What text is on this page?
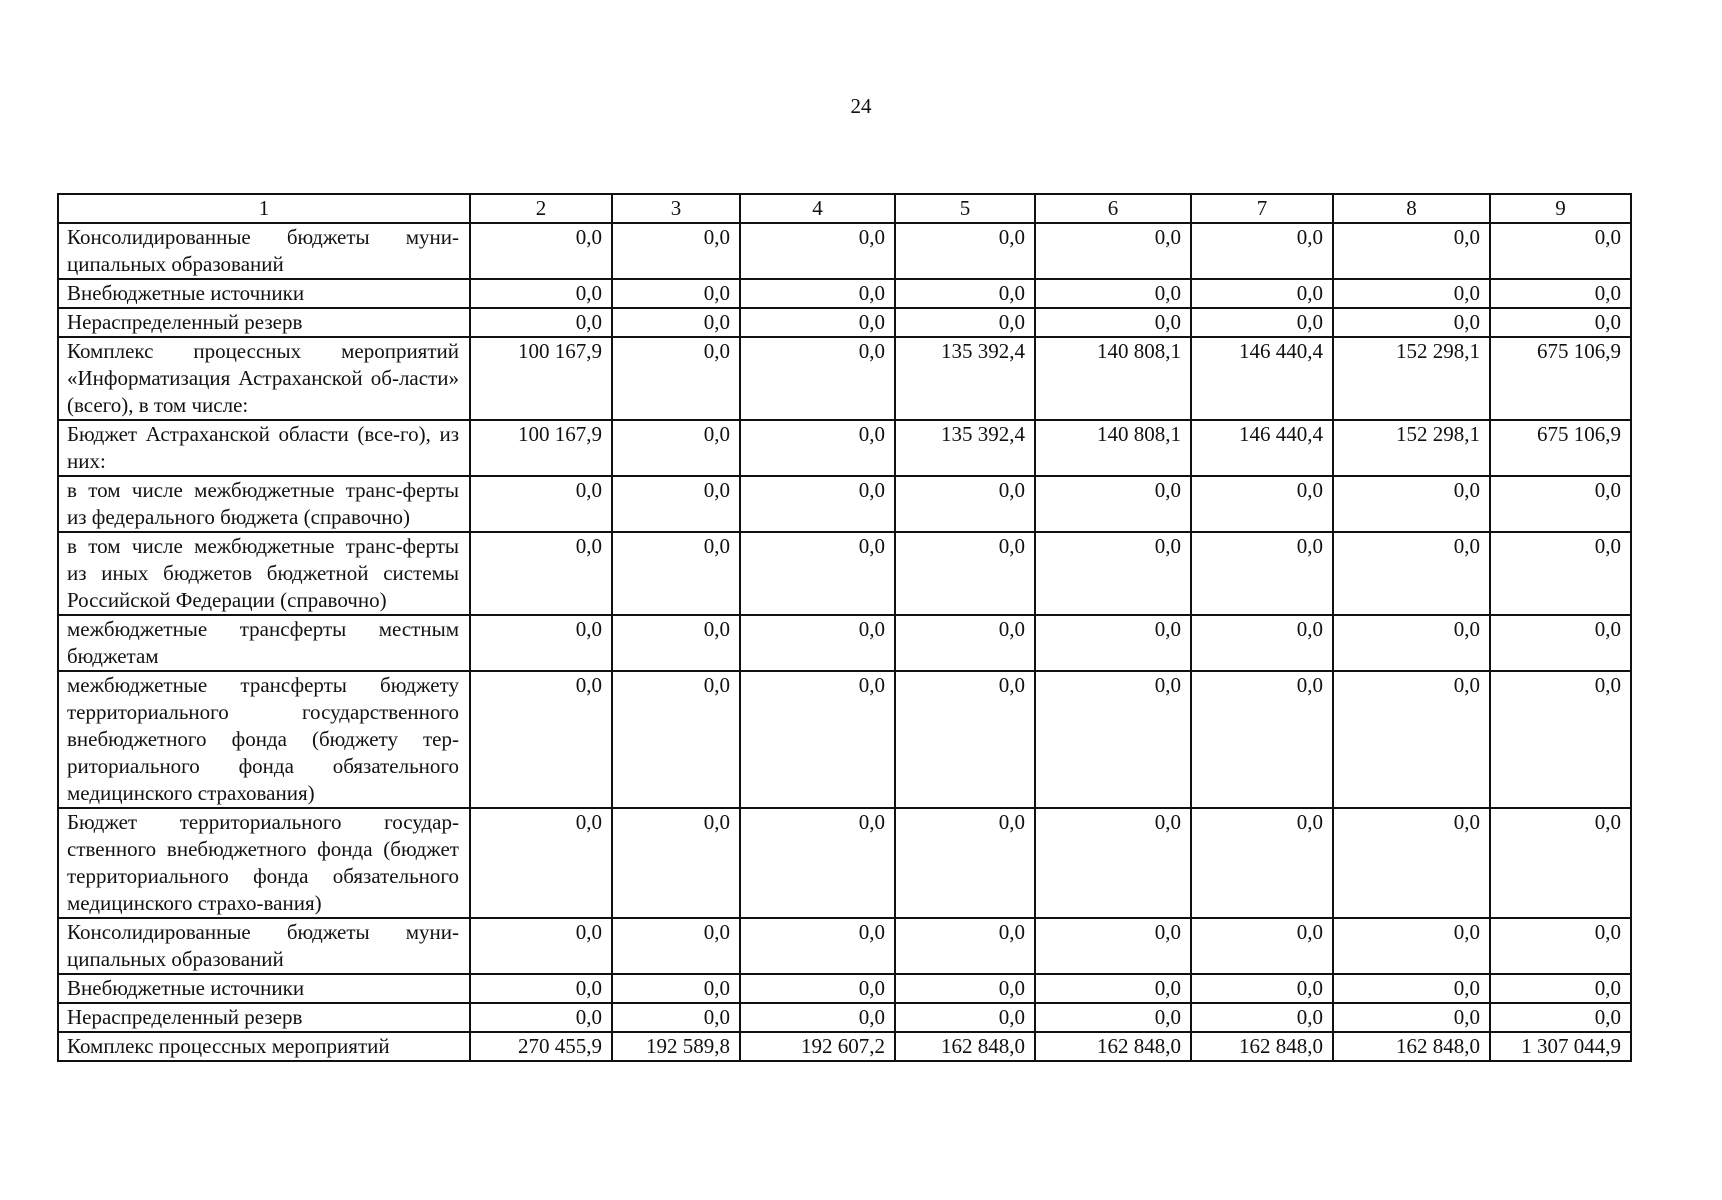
24
1	2	3	4	5	6	7	8	9
Консолидированные бюджеты муни-ципальных образований	0,0	0,0	0,0	0,0	0,0	0,0	0,0	0,0
Внебюджетные источники	0,0	0,0	0,0	0,0	0,0	0,0	0,0	0,0
Нераспределенный резерв	0,0	0,0	0,0	0,0	0,0	0,0	0,0	0,0
Комплекс процессных мероприятий «Информатизация Астраханской об-ласти» (всего), в том числе:	100 167,9	0,0	0,0	135 392,4	140 808,1	146 440,4	152 298,1	675 106,9
Бюджет Астраханской области (все-го), из них:	100 167,9	0,0	0,0	135 392,4	140 808,1	146 440,4	152 298,1	675 106,9
в том числе межбюджетные транс-ферты из федерального бюджета (справочно)	0,0	0,0	0,0	0,0	0,0	0,0	0,0	0,0
в том числе межбюджетные транс-ферты из иных бюджетов бюджетной системы Российской Федерации (справочно)	0,0	0,0	0,0	0,0	0,0	0,0	0,0	0,0
межбюджетные трансферты местным бюджетам	0,0	0,0	0,0	0,0	0,0	0,0	0,0	0,0
межбюджетные трансферты бюджету территориального государственного внебюджетного фонда (бюджету тер-риториального фонда обязательного медицинского страхования)	0,0	0,0	0,0	0,0	0,0	0,0	0,0	0,0
Бюджет территориального государ-ственного внебюджетного фонда (бюджет территориального фонда обязательного медицинского страхо-вания)	0,0	0,0	0,0	0,0	0,0	0,0	0,0	0,0
Консолидированные бюджеты муни-ципальных образований	0,0	0,0	0,0	0,0	0,0	0,0	0,0	0,0
Внебюджетные источники	0,0	0,0	0,0	0,0	0,0	0,0	0,0	0,0
Нераспределенный резерв	0,0	0,0	0,0	0,0	0,0	0,0	0,0	0,0
Комплекс процессных мероприятий	270 455,9	192 589,8	192 607,2	162 848,0	162 848,0	162 848,0	162 848,0	1 307 044,9
